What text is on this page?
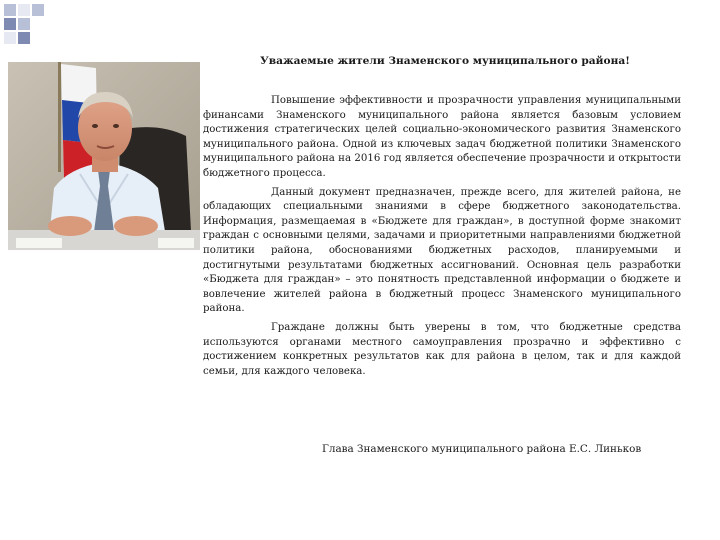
Уважаемые жители Знаменского муниципального района!

Повышение эффективности и прозрачности управления муниципальными финансами Знаменского муниципального района является базовым условием достижения стратегических целей социально-экономического развития Знаменского муниципального района. Одной из ключевых задач бюджетной политики Знаменского муниципального района на 2016 год является обеспечение прозрачности и открытости бюджетного процесса.

Данный документ предназначен, прежде всего, для жителей района, не обладающих специальными знаниями в сфере бюджетного законодательства. Информация, размещаемая в «Бюджете для граждан», в доступной форме знакомит граждан с основными целями, задачами и приоритетными направлениями бюджетной политики района, обоснованиями бюджетных расходов, планируемыми и достигнутыми результатами бюджетных ассигнований. Основная цель разработки «Бюджета для граждан» – это понятность представленной информации о бюджете и вовлечение жителей района в бюджетный процесс Знаменского муниципального района.

Граждане должны быть уверены в том, что бюджетные средства используются органами местного самоуправления прозрачно и эффективно с достижением конкретных результатов как для района в целом, так и для каждой семьи, для каждого человека.

Глава Знаменского муниципального района Е.С. Линьков
